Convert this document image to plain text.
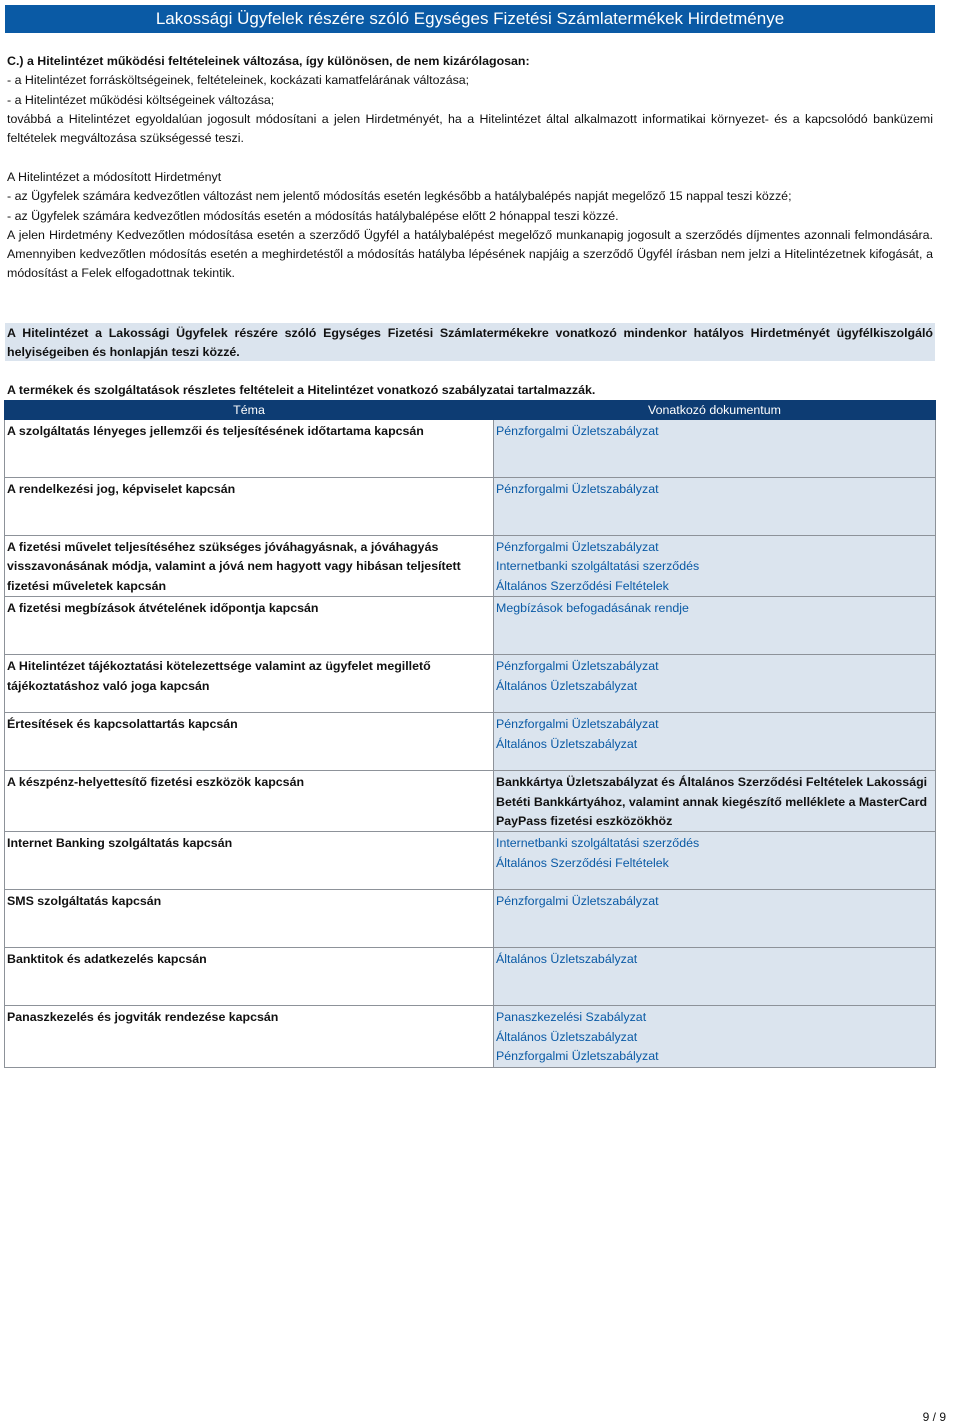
Lakossági Ügyfelek részére szóló Egységes Fizetési Számlatermékek Hirdetménye
C.) a Hitelintézet működési feltételeinek változása, így különösen, de nem kizárólagosan:
- a Hitelintézet forrásköltségeinek, feltételeinek, kockázati kamatfelárának változása;
- a Hitelintézet működési költségeinek változása;
továbbá a Hitelintézet egyoldalúan jogosult módosítani a jelen Hirdetményét, ha a Hitelintézet által alkalmazott informatikai környezet- és a kapcsolódó banküzemi feltételek megváltozása szükségessé teszi.
A Hitelintézet a módosított Hirdetményt
- az Ügyfelek számára kedvezőtlen változást nem jelentő módosítás esetén legkésőbb a hatálybalépés napját megelőző 15 nappal teszi közzé;
- az Ügyfelek számára kedvezőtlen módosítás esetén a módosítás hatálybalépése előtt 2 hónappal teszi közzé.
A jelen Hirdetmény Kedvezőtlen módosítása esetén a szerződő Ügyfél a hatálybalépést megelőző munkanapig jogosult a szerződés díjmentes azonnali felmondására. Amennyiben kedvezőtlen módosítás esetén a meghirdetéstől a módosítás hatályba lépésének napjáig a szerződő Ügyfél írásban nem jelzi a Hitelintézetnek kifogását, a módosítást a Felek elfogadottnak tekintik.
A Hitelintézet a Lakossági Ügyfelek részére szóló Egységes Fizetési Számlatermékekre vonatkozó mindenkor hatályos Hirdetményét ügyfélkiszolgáló helyiségeiben és honlapján teszi közzé.
A termékek és szolgáltatások részletes feltételeit a Hitelintézet vonatkozó szabályzatai tartalmazzák.
Téma	Vonatkozó dokumentum
A szolgáltatás lényeges jellemzői és teljesítésének időtartama kapcsán	Pénzforgalmi Üzletszabályzat

A rendelkezési jog, képviselet kapcsán	Pénzforgalmi Üzletszabályzat

A fizetési művelet teljesítéséhez szükséges jóváhagyásnak, a jóváhagyás visszavonásának módja, valamint a jóvá nem hagyott vagy hibásan teljesített fizetési műveletek kapcsán	Pénzforgalmi Üzletszabályzat
Internetbanki szolgáltatási szerződés
Általános Szerződési Feltételek

A fizetési megbízások átvételének időpontja kapcsán	Megbízások befogadásának rendje

A Hitelintézet tájékoztatási kötelezettsége valamint az ügyfelet megillető tájékoztatáshoz való joga kapcsán	Pénzforgalmi Üzletszabályzat
Általános Üzletszabályzat

Értesítések és kapcsolattartás kapcsán	Pénzforgalmi Üzletszabályzat
Általános Üzletszabályzat

A készpénz-helyettesítő fizetési eszközök kapcsán	Bankkártya Üzletszabályzat és Általános Szerződési Feltételek Lakossági Betéti Bankkártyához, valamint annak kiegészítő melléklete a MasterCard PayPass fizetési eszközökhöz

Internet Banking szolgáltatás kapcsán	Internetbanki szolgáltatási szerződés
Általános Szerződési Feltételek

SMS szolgáltatás kapcsán	Pénzforgalmi Üzletszabályzat

Banktitok és adatkezelés kapcsán	Általános Üzletszabályzat

Panaszkezelés és jogviták rendezése kapcsán	Panaszkezelési Szabályzat
Általános Üzletszabályzat
Pénzforgalmi Üzletszabályzat
9 / 9
